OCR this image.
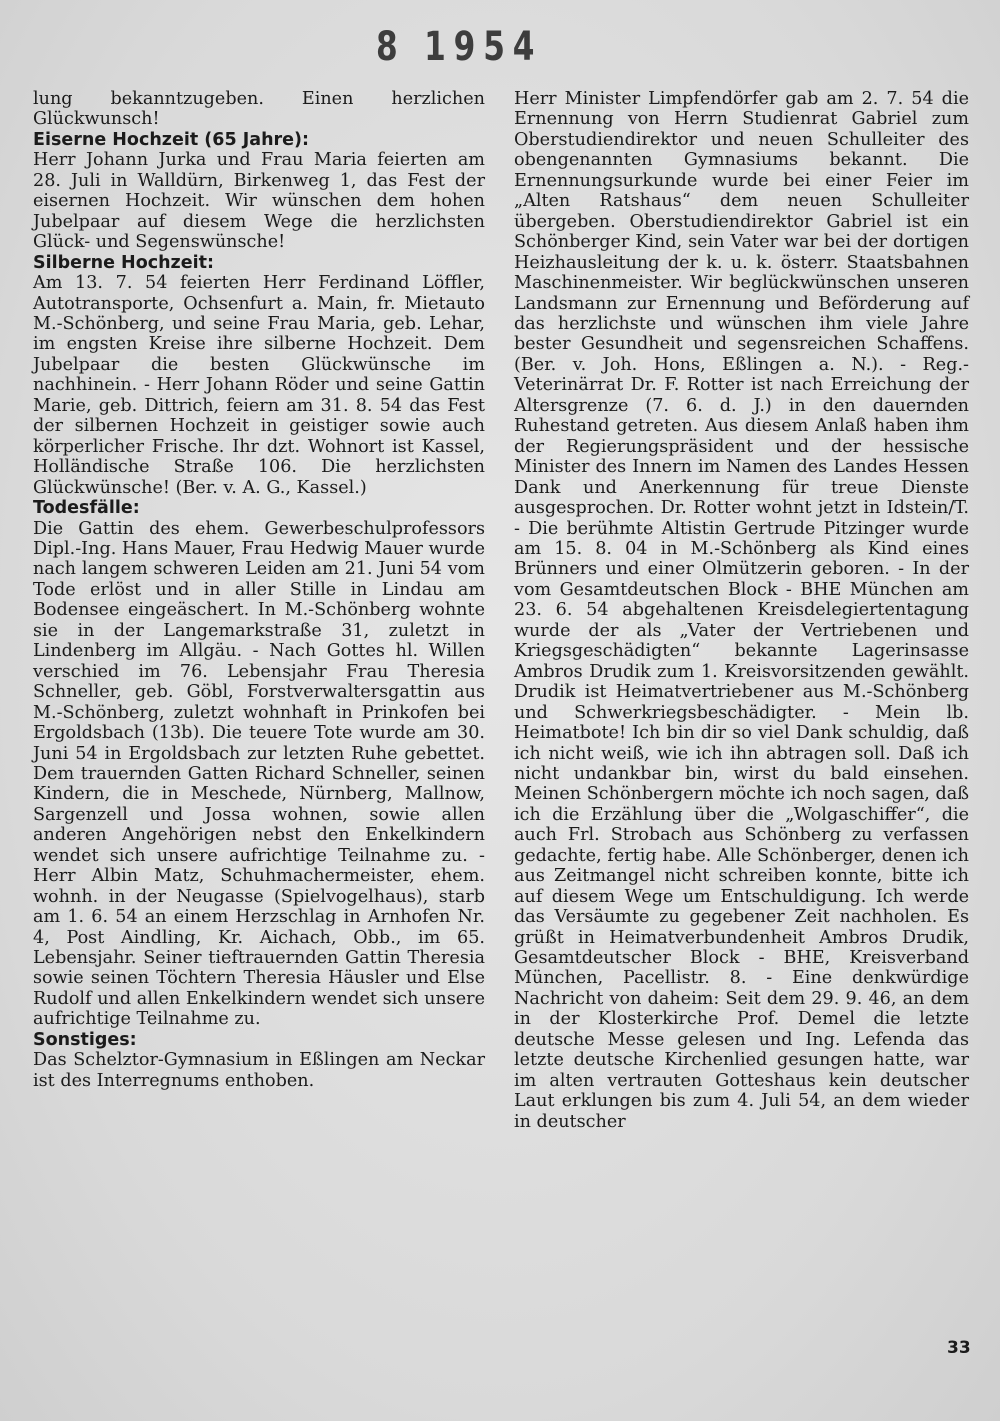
8 1954

lung bekanntzugeben. Einen herzlichen Glückwunsch!

Eiserne Hochzeit (65 Jahre):

Herr Johann Jurka und Frau Maria feierten am 28. Juli in Walldürn, Birkenweg 1, das Fest der eisernen Hochzeit. Wir wünschen dem hohen Jubelpaar auf diesem Wege die herzlichsten Glück- und Segenswünsche!

Silberne Hochzeit:

Am 13. 7. 54 feierten Herr Ferdinand Löffler, Autotransporte, Ochsenfurt a. Main, fr. Mietauto M.-Schönberg, und seine Frau Maria, geb. Lehar, im engsten Kreise ihre silberne Hochzeit. Dem Jubelpaar die besten Glückwünsche im nachhinein. - Herr Johann Röder und seine Gattin Marie, geb. Dittrich, feiern am 31. 8. 54 das Fest der silbernen Hochzeit in geistiger sowie auch körperlicher Frische. Ihr dzt. Wohnort ist Kassel, Holländische Straße 106. Die herzlichsten Glückwünsche! (Ber. v. A. G., Kassel.)

Todesfälle:

Die Gattin des ehem. Gewerbeschulprofessors Dipl.-Ing. Hans Mauer, Frau Hedwig Mauer wurde nach langem schweren Leiden am 21. Juni 54 vom Tode erlöst und in aller Stille in Lindau am Bodensee eingeäschert. In M.-Schönberg wohnte sie in der Langemarkstraße 31, zuletzt in Lindenberg im Allgäu. - Nach Gottes hl. Willen verschied im 76. Lebensjahr Frau Theresia Schneller, geb. Göbl, Forstverwaltersgattin aus M.-Schönberg, zuletzt wohnhaft in Prinkofen bei Ergoldsbach (13b). Die teuere Tote wurde am 30. Juni 54 in Ergoldsbach zur letzten Ruhe gebettet. Dem trauernden Gatten Richard Schneller, seinen Kindern, die in Meschede, Nürnberg, Mallnow, Sargenzell und Jossa wohnen, sowie allen anderen Angehörigen nebst den Enkelkindern wendet sich unsere aufrichtige Teilnahme zu. - Herr Albin Matz, Schuhmachermeister, ehem. wohnh. in der Neugasse (Spielvogelhaus), starb am 1. 6. 54 an einem Herzschlag in Arnhofen Nr. 4, Post Aindling, Kr. Aichach, Obb., im 65. Lebensjahr. Seiner tieftrauernden Gattin Theresia sowie seinen Töchtern Theresia Häusler und Else Rudolf und allen Enkelkindern wendet sich unsere aufrichtige Teilnahme zu.

Sonstiges:

Das Schelztor-Gymnasium in Eßlingen am Neckar ist des Interregnums enthoben.

Herr Minister Limpfendörfer gab am 2. 7. 54 die Ernennung von Herrn Studienrat Gabriel zum Oberstudiendirektor und neuen Schulleiter des obengenannten Gymnasiums bekannt. Die Ernennungsurkunde wurde bei einer Feier im „Alten Ratshaus“ dem neuen Schulleiter übergeben. Oberstudiendirektor Gabriel ist ein Schönberger Kind, sein Vater war bei der dortigen Heizhausleitung der k. u. k. österr. Staatsbahnen Maschinenmeister. Wir beglückwünschen unseren Landsmann zur Ernennung und Beförderung auf das herzlichste und wünschen ihm viele Jahre bester Gesundheit und segensreichen Schaffens. (Ber. v. Joh. Hons, Eßlingen a. N.). - Reg.-Veterinärrat Dr. F. Rotter ist nach Erreichung der Altersgrenze (7. 6. d. J.) in den dauernden Ruhestand getreten. Aus diesem Anlaß haben ihm der Regierungspräsident und der hessische Minister des Innern im Namen des Landes Hessen Dank und Anerkennung für treue Dienste ausgesprochen. Dr. Rotter wohnt jetzt in Idstein/T. - Die berühmte Altistin Gertrude Pitzinger wurde am 15. 8. 04 in M.-Schönberg als Kind eines Brünners und einer Olmützerin geboren. - In der vom Gesamtdeutschen Block - BHE München am 23. 6. 54 abgehaltenen Kreisdelegiertentagung wurde der als „Vater der Vertriebenen und Kriegsgeschädigten“ bekannte Lagerinsasse Ambros Drudik zum 1. Kreisvorsitzenden gewählt. Drudik ist Heimatvertriebener aus M.-Schönberg und Schwerkriegsbeschädigter. - Mein lb. Heimatbote! Ich bin dir so viel Dank schuldig, daß ich nicht weiß, wie ich ihn abtragen soll. Daß ich nicht undankbar bin, wirst du bald einsehen. Meinen Schönbergern möchte ich noch sagen, daß ich die Erzählung über die „Wolgaschiffer“, die auch Frl. Strobach aus Schönberg zu verfassen gedachte, fertig habe. Alle Schönberger, denen ich aus Zeitmangel nicht schreiben konnte, bitte ich auf diesem Wege um Entschuldigung. Ich werde das Versäumte zu gegebener Zeit nachholen. Es grüßt in Heimatverbundenheit Ambros Drudik, Gesamtdeutscher Block - BHE, Kreisverband München, Pacellistr. 8. - Eine denkwürdige Nachricht von daheim: Seit dem 29. 9. 46, an dem in der Klosterkirche Prof. Demel die letzte deutsche Messe gelesen und Ing. Lefenda das letzte deutsche Kirchenlied gesungen hatte, war im alten vertrauten Gotteshaus kein deutscher Laut erklungen bis zum 4. Juli 54, an dem wieder in deutscher

33
